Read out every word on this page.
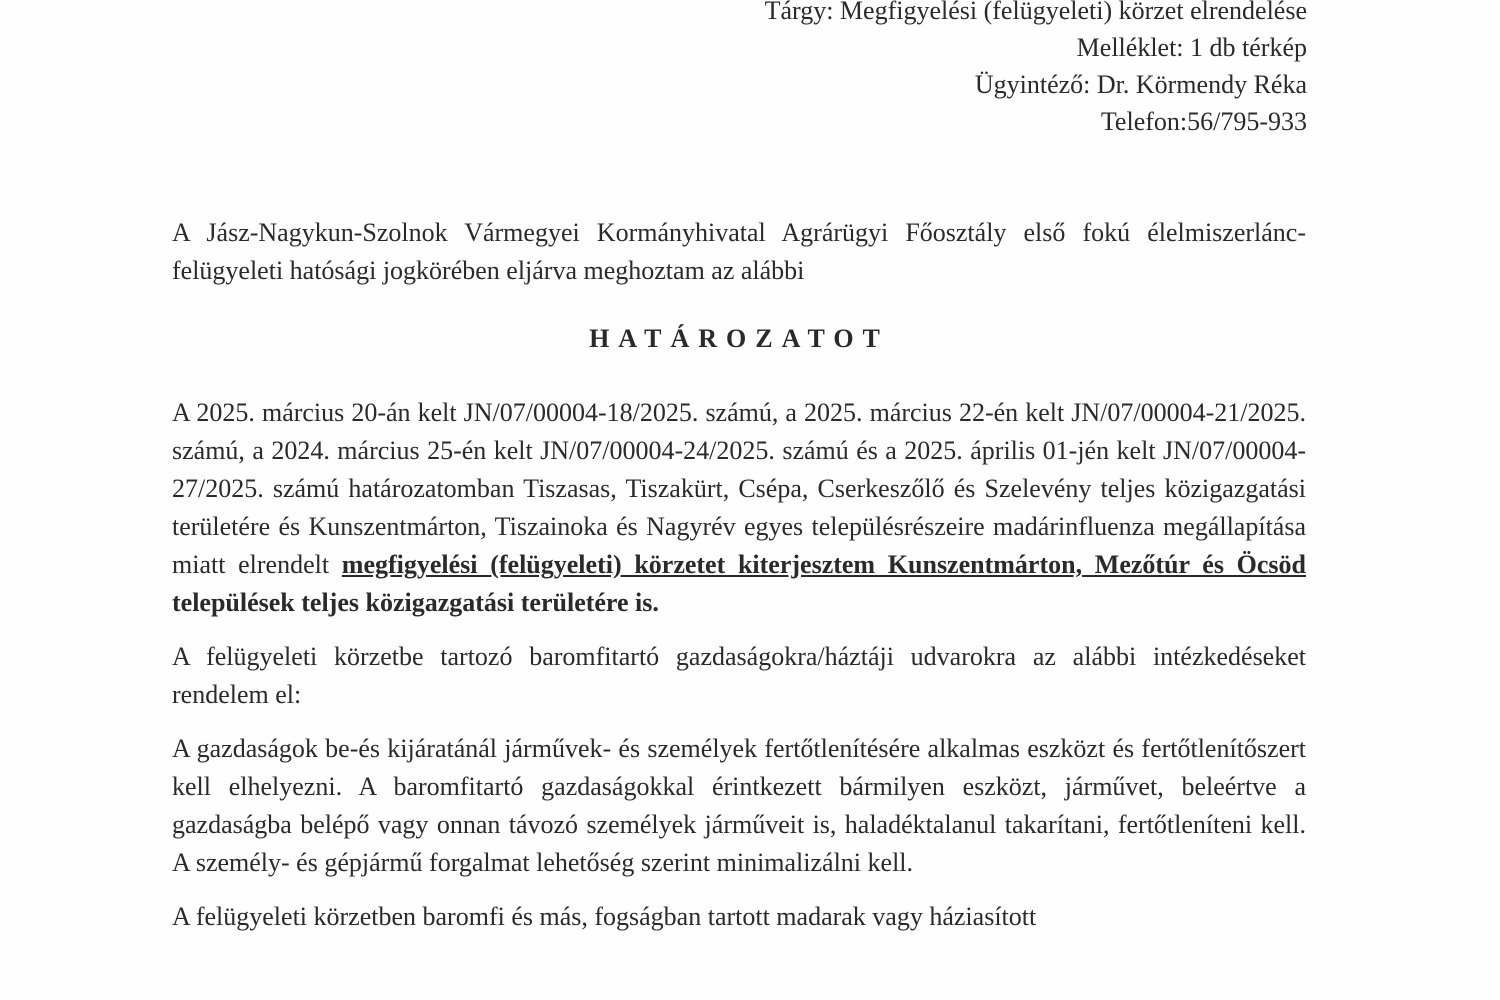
Tárgy: Megfigyelési (felügyeleti) körzet elrendelése
Melléklet: 1 db térkép
Ügyintéző: Dr. Körmendy Réka
Telefon:56/795-933

A Jász-Nagykun-Szolnok Vármegyei Kormányhivatal Agrárügyi Főosztály első fokú élelmiszerlánc-felügyeleti hatósági jogkörében eljárva meghoztam az alábbi

HATÁROZATOT

A 2025. március 20-án kelt JN/07/00004-18/2025. számú, a 2025. március 22-én kelt JN/07/00004-21/2025. számú, a 2024. március 25-én kelt JN/07/00004-24/2025. számú és a 2025. április 01-jén kelt JN/07/00004-27/2025. számú határozatomban Tiszasas, Tiszakürt, Csépa, Cserkeszőlő és Szelevény teljes közigazgatási területére és Kunszentmárton, Tiszainoka és Nagyrév egyes településrészeire madárinfluenza megállapítása miatt elrendelt megfigyelési (felügyeleti) körzetet kiterjesztem Kunszentmárton, Mezőtúr és Öcsöd települések teljes közigazgatási területére is.

A felügyeleti körzetbe tartozó baromfitartó gazdaságokra/háztáji udvarokra az alábbi intézkedéseket rendelem el:

A gazdaságok be-és kijáratánál járművek- és személyek fertőtlenítésére alkalmas eszközt és fertőtlenítőszert kell elhelyezni. A baromfitartó gazdaságokkal érintkezett bármilyen eszközt, járművet, beleértve a gazdaságba belépő vagy onnan távozó személyek járműveit is, haladéktalanul takarítani, fertőtleníteni kell. A személy- és gépjármű forgalmat lehetőség szerint minimalizálni kell.

A felügyeleti körzetben baromfi és más, fogságban tartott madarak vagy háziasított
